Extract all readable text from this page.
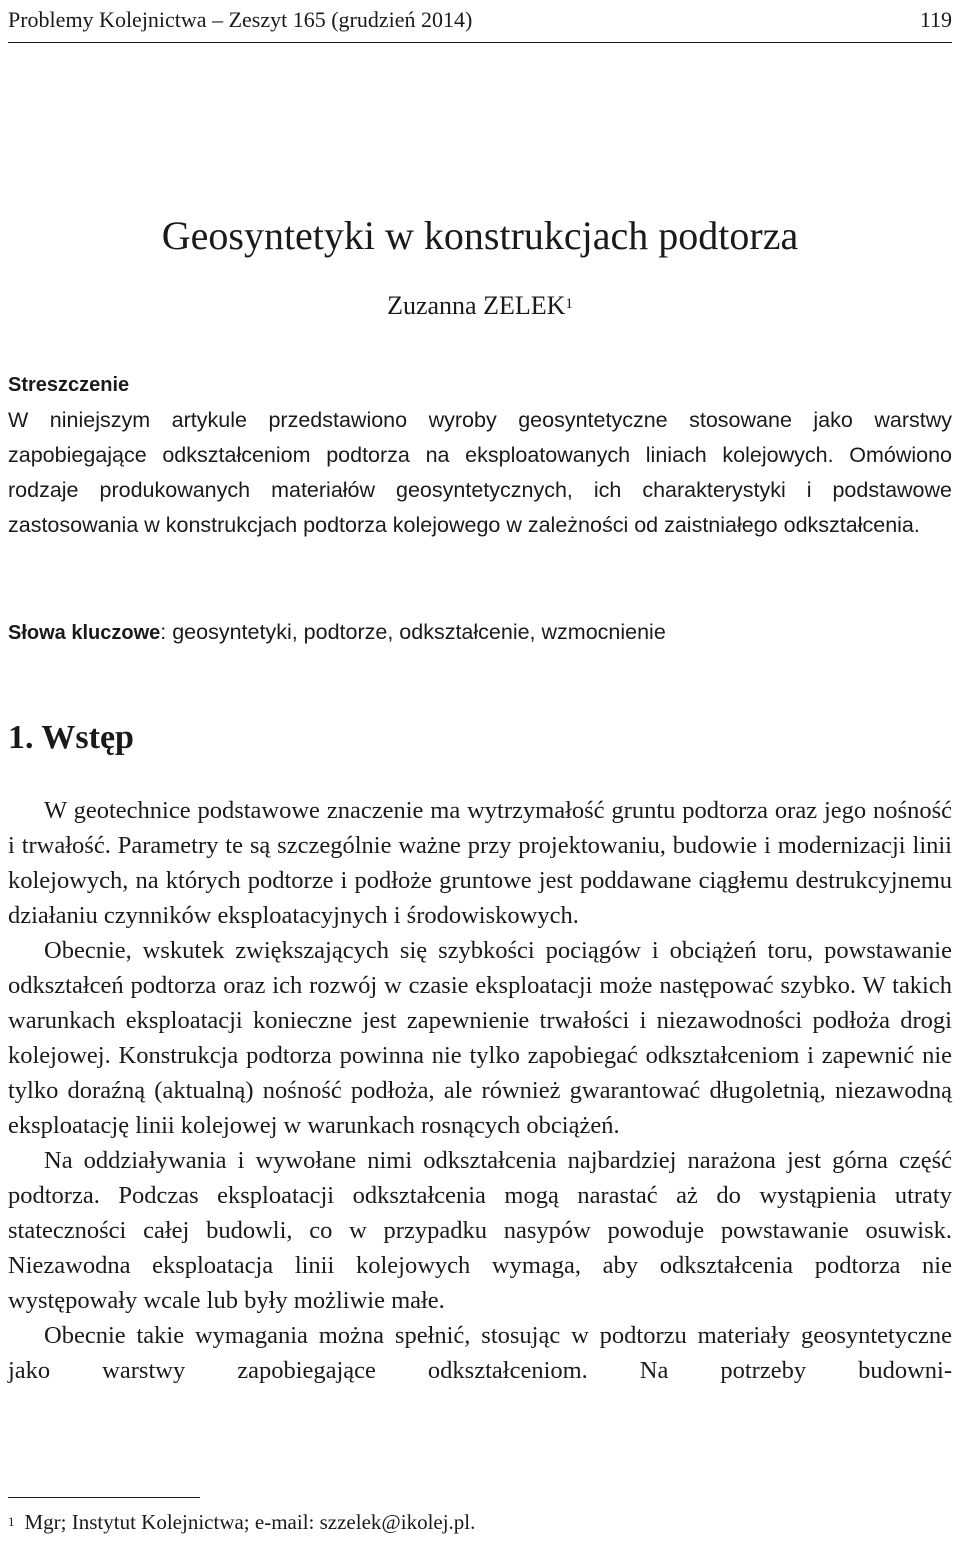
Problemy Kolejnictwa – Zeszyt 165 (grudzień 2014)	119
Geosyntetyki w konstrukcjach podtorza
Zuzanna ZELEK$^1$
Streszczenie

W niniejszym artykule przedstawiono wyroby geosyntetyczne stosowane jako warstwy zapobiegające odkształceniom podtorza na eksploatowanych liniach kolejowych. Omówiono rodzaje produkowanych materiałów geosyntetycznych, ich charakterystyki i podstawowe zastosowania w konstrukcjach podtorza kolejowego w zależności od zaistniałego odkształcenia.

Słowa kluczowe: geosyntetyki, podtorze, odkształcenie, wzmocnienie
1. Wstęp

W geotechnice podstawowe znaczenie ma wytrzymałość gruntu podtorza oraz jego nośność i trwałość. Parametry te są szczególnie ważne przy projektowaniu, budowie i modernizacji linii kolejowych, na których podtorze i podłoże gruntowe jest poddawane ciągłemu destrukcyjnemu działaniu czynników eksploatacyjnych i środowiskowych.

Obecnie, wskutek zwiększających się szybkości pociągów i obciążeń toru, powstawanie odkształceń podtorza oraz ich rozwój w czasie eksploatacji może następować szybko. W takich warunkach eksploatacji konieczne jest zapewnienie trwałości i niezawodności podłoża drogi kolejowej. Konstrukcja podtorza powinna nie tylko zapobiegać odkształceniom i zapewnić nie tylko doraźną (aktualną) nośność podłoża, ale również gwarantować długoletnią, niezawodną eksploatację linii kolejowej w warunkach rosnących obciążeń.

Na oddziaływania i wywołane nimi odkształcenia najbardziej narażona jest górna część podtorza. Podczas eksploatacji odkształcenia mogą narastać aż do wystąpienia utraty stateczności całej budowli, co w przypadku nasypów powoduje powstawanie osuwisk. Niezawodna eksploatacja linii kolejowych wymaga, aby odkształcenia podtorza nie występowały wcale lub były możliwie małe.

Obecnie takie wymagania można spełnić, stosując w podtorzu materiały geosyntetyczne jako warstwy zapobiegające odkształceniom. Na potrzeby budowni-

$^1$ Mgr; Instytut Kolejnictwa; e-mail: szzelek@ikolej.pl.
